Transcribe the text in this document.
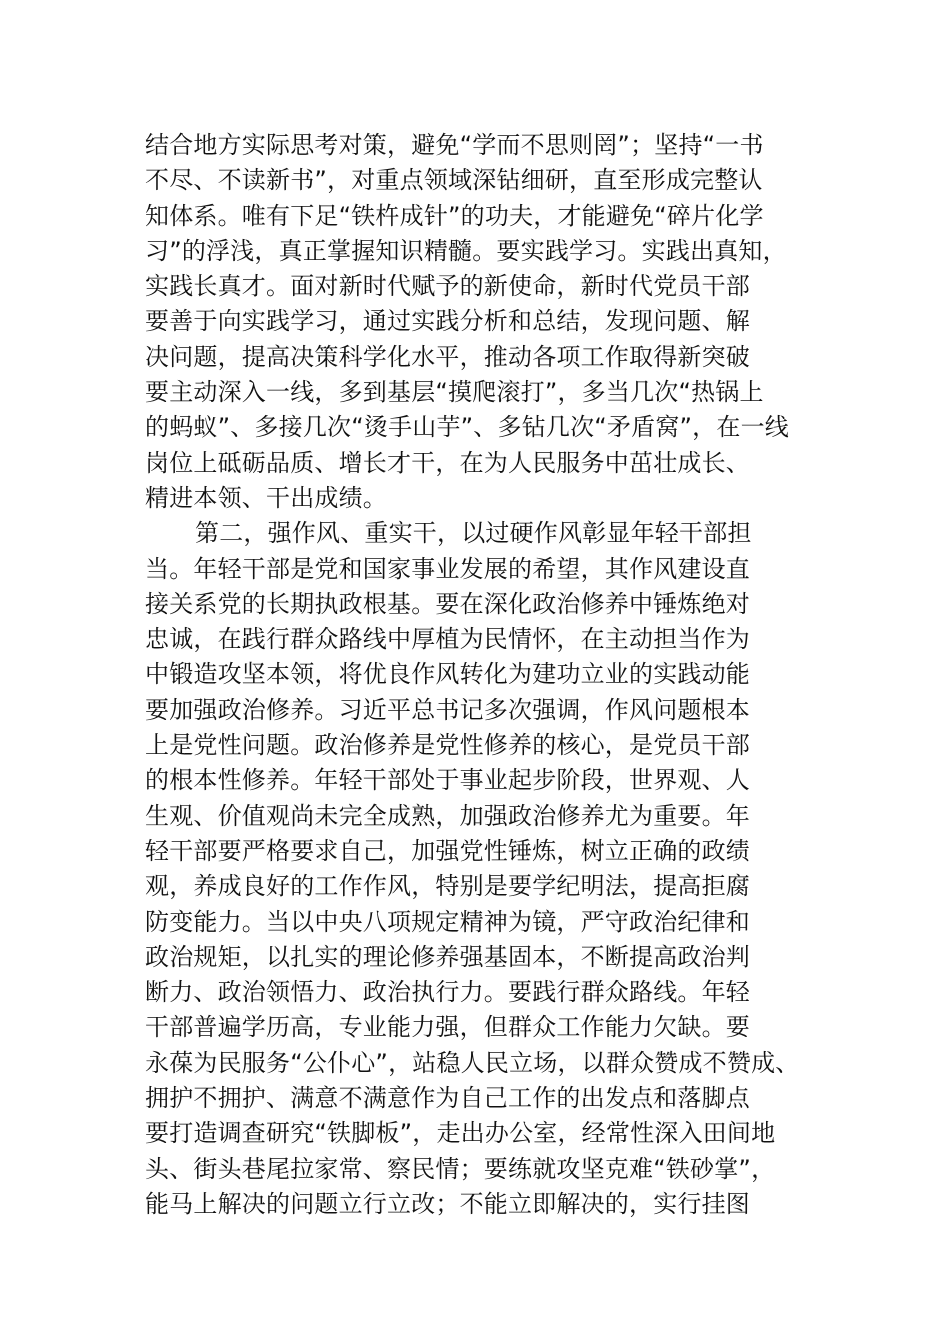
结合地方实际思考对策，避免“学而不思则罔”；坚持“一书
不尽、不读新书”，对重点领域深钻细研，直至形成完整认
知体系。唯有下足“铁杵成针”的功夫，才能避免“碎片化学
习”的浮浅，真正掌握知识精髓。要实践学习。实践出真知，
实践长真才。面对新时代赋予的新使命，新时代党员干部
要善于向实践学习，通过实践分析和总结，发现问题、解
决问题，提高决策科学化水平，推动各项工作取得新突破
要主动深入一线，多到基层“摸爬滚打”，多当几次“热锅上
的蚂蚁”、多接几次“烫手山芋”、多钻几次“矛盾窝”，在一线
岗位上砥砺品质、增长才干，在为人民服务中茁壮成长、
精进本领、干出成绩。
第二，强作风、重实干，以过硬作风彰显年轻干部担
当。年轻干部是党和国家事业发展的希望，其作风建设直
接关系党的长期执政根基。要在深化政治修养中锤炼绝对
忠诚，在践行群众路线中厚植为民情怀，在主动担当作为
中锻造攻坚本领，将优良作风转化为建功立业的实践动能
要加强政治修养。习近平总书记多次强调，作风问题根本
上是党性问题。政治修养是党性修养的核心，是党员干部
的根本性修养。年轻干部处于事业起步阶段，世界观、人
生观、价值观尚未完全成熟，加强政治修养尤为重要。年
轻干部要严格要求自己，加强党性锤炼，树立正确的政绩
观，养成良好的工作作风，特别是要学纪明法，提高拒腐
防变能力。当以中央八项规定精神为镜，严守政治纪律和
政治规矩，以扎实的理论修养强基固本，不断提高政治判
断力、政治领悟力、政治执行力。要践行群众路线。年轻
干部普遍学历高，专业能力强，但群众工作能力欠缺。要
永葆为民服务“公仆心”，站稳人民立场，以群众赞成不赞成、
拥护不拥护、满意不满意作为自己工作的出发点和落脚点
要打造调查研究“铁脚板”，走出办公室，经常性深入田间地
头、街头巷尾拉家常、察民情；要练就攻坚克难“铁砂掌”，
能马上解决的问题立行立改；不能立即解决的，实行挂图
